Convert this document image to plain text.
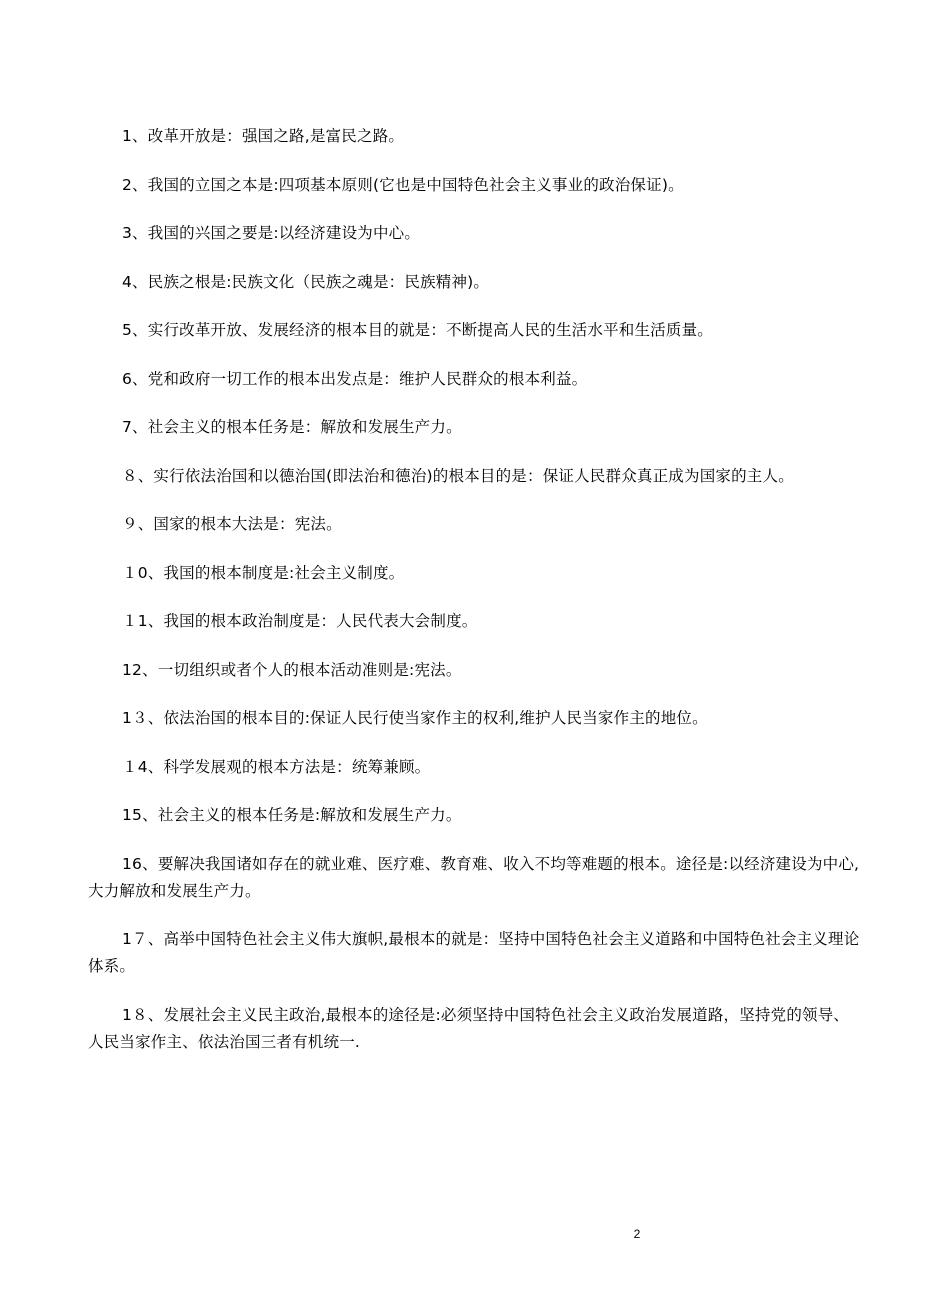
1、改革开放是：强国之路,是富民之路。

2、我国的立国之本是:四项基本原则(它也是中国特色社会主义事业的政治保证)。

3、我国的兴国之要是:以经济建设为中心。

4、民族之根是:民族文化（民族之魂是：民族精神)。

5、实行改革开放、发展经济的根本目的就是：不断提高人民的生活水平和生活质量。

6、党和政府一切工作的根本出发点是：维护人民群众的根本利益。

7、社会主义的根本任务是：解放和发展生产力。

８、实行依法治国和以德治国(即法治和德治)的根本目的是：保证人民群众真正成为国家的主人。

９、国家的根本大法是：宪法。

１0、我国的根本制度是:社会主义制度。

１1、我国的根本政治制度是：人民代表大会制度。

12、一切组织或者个人的根本活动准则是:宪法。

1３、依法治国的根本目的:保证人民行使当家作主的权利,维护人民当家作主的地位。

１4、科学发展观的根本方法是：统筹兼顾。

15、社会主义的根本任务是:解放和发展生产力。

16、要解决我国诸如存在的就业难、医疗难、教育难、收入不均等难题的根本。途径是:以经济建设为中心,大力解放和发展生产力。

1７、高举中国特色社会主义伟大旗帜,最根本的就是：坚持中国特色社会主义道路和中国特色社会主义理论体系。

1８、发展社会主义民主政治,最根本的途径是:必须坚持中国特色社会主义政治发展道路，坚持党的领导、人民当家作主、依法治国三者有机统一.

2
